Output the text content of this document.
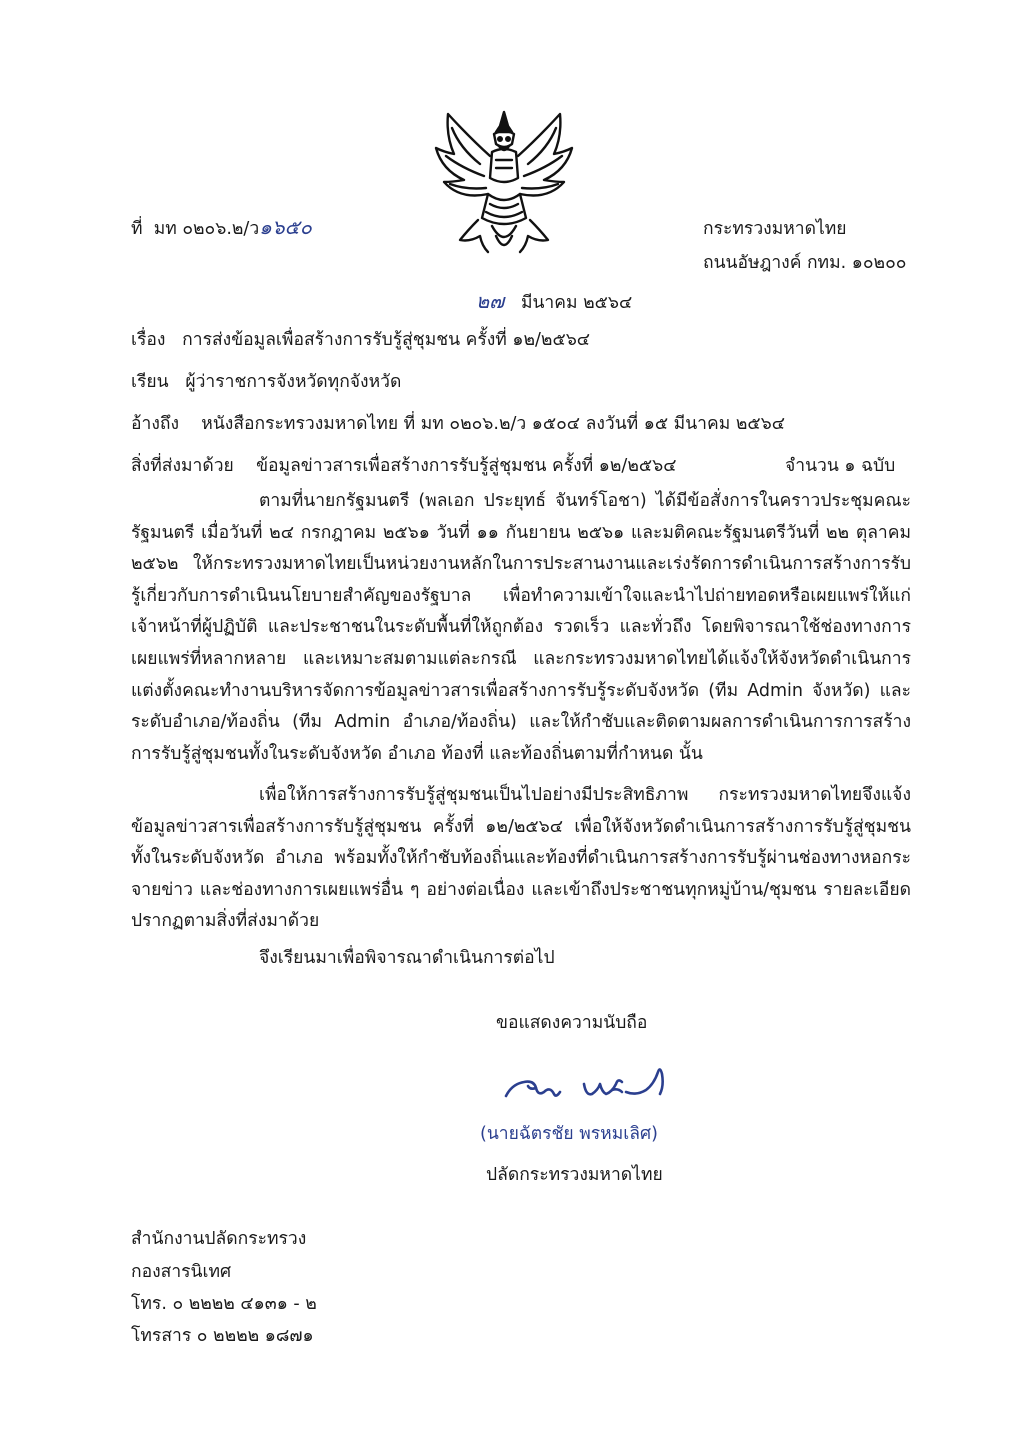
ที่ มท ๐๒๐๖.๒/ว๑๖๕๐	กระทรวงมหาดไทย
ถนนอัษฎางค์ กทม. ๑๐๒๐๐
๒๗ มีนาคม ๒๕๖๔
เรื่อง การส่งข้อมูลเพื่อสร้างการรับรู้สู่ชุมชน ครั้งที่ ๑๒/๒๕๖๔
เรียน ผู้ว่าราชการจังหวัดทุกจังหวัด
อ้างถึง หนังสือกระทรวงมหาดไทย ที่ มท ๐๒๐๖.๒/ว ๑๕๐๔ ลงวันที่ ๑๕ มีนาคม ๒๕๖๔
สิ่งที่ส่งมาด้วย ข้อมูลข่าวสารเพื่อสร้างการรับรู้สู่ชุมชน ครั้งที่ ๑๒/๒๕๖๔	จำนวน ๑ ฉบับ
ตามที่นายกรัฐมนตรี (พลเอก ประยุทธ์ จันทร์โอชา) ได้มีข้อสั่งการในคราวประชุมคณะรัฐมนตรี เมื่อวันที่ ๒๔ กรกฎาคม ๒๕๖๑ วันที่ ๑๑ กันยายน ๒๕๖๑ และมติคณะรัฐมนตรีวันที่ ๒๒ ตุลาคม ๒๕๖๒ ให้กระทรวงมหาดไทยเป็นหน่วยงานหลักในการประสานงานและเร่งรัดการดำเนินการสร้างการรับรู้เกี่ยวกับการดำเนินนโยบายสำคัญของรัฐบาล เพื่อทำความเข้าใจและนำไปถ่ายทอดหรือเผยแพร่ให้แก่เจ้าหน้าที่ผู้ปฏิบัติ และประชาชนในระดับพื้นที่ให้ถูกต้อง รวดเร็ว และทั่วถึง โดยพิจารณาใช้ช่องทางการเผยแพร่ที่หลากหลาย และเหมาะสมตามแต่ละกรณี และกระทรวงมหาดไทยได้แจ้งให้จังหวัดดำเนินการแต่งตั้งคณะทำงานบริหารจัดการข้อมูลข่าวสารเพื่อสร้างการรับรู้ระดับจังหวัด (ทีม Admin จังหวัด) และระดับอำเภอ/ท้องถิ่น (ทีม Admin อำเภอ/ท้องถิ่น) และให้กำชับและติดตามผลการดำเนินการการสร้างการรับรู้สู่ชุมชนทั้งในระดับจังหวัด อำเภอ ท้องที่ และท้องถิ่นตามที่กำหนด นั้น
เพื่อให้การสร้างการรับรู้สู่ชุมชนเป็นไปอย่างมีประสิทธิภาพ กระทรวงมหาดไทยจึงแจ้งข้อมูลข่าวสารเพื่อสร้างการรับรู้สู่ชุมชน ครั้งที่ ๑๒/๒๕๖๔ เพื่อให้จังหวัดดำเนินการสร้างการรับรู้สู่ชุมชนทั้งในระดับจังหวัด อำเภอ พร้อมทั้งให้กำชับท้องถิ่นและท้องที่ดำเนินการสร้างการรับรู้ผ่านช่องทางหอกระจายข่าว และช่องทางการเผยแพร่อื่น ๆ อย่างต่อเนื่อง และเข้าถึงประชาชนทุกหมู่บ้าน/ชุมชน รายละเอียดปรากฏตามสิ่งที่ส่งมาด้วย
จึงเรียนมาเพื่อพิจารณาดำเนินการต่อไป
ขอแสดงความนับถือ
(นายฉัตรชัย พรหมเลิศ)
ปลัดกระทรวงมหาดไทย
สำนักงานปลัดกระทรวง
กองสารนิเทศ
โทร. ๐ ๒๒๒๒ ๔๑๓๑ - ๒
โทรสาร ๐ ๒๒๒๒ ๑๘๗๑
